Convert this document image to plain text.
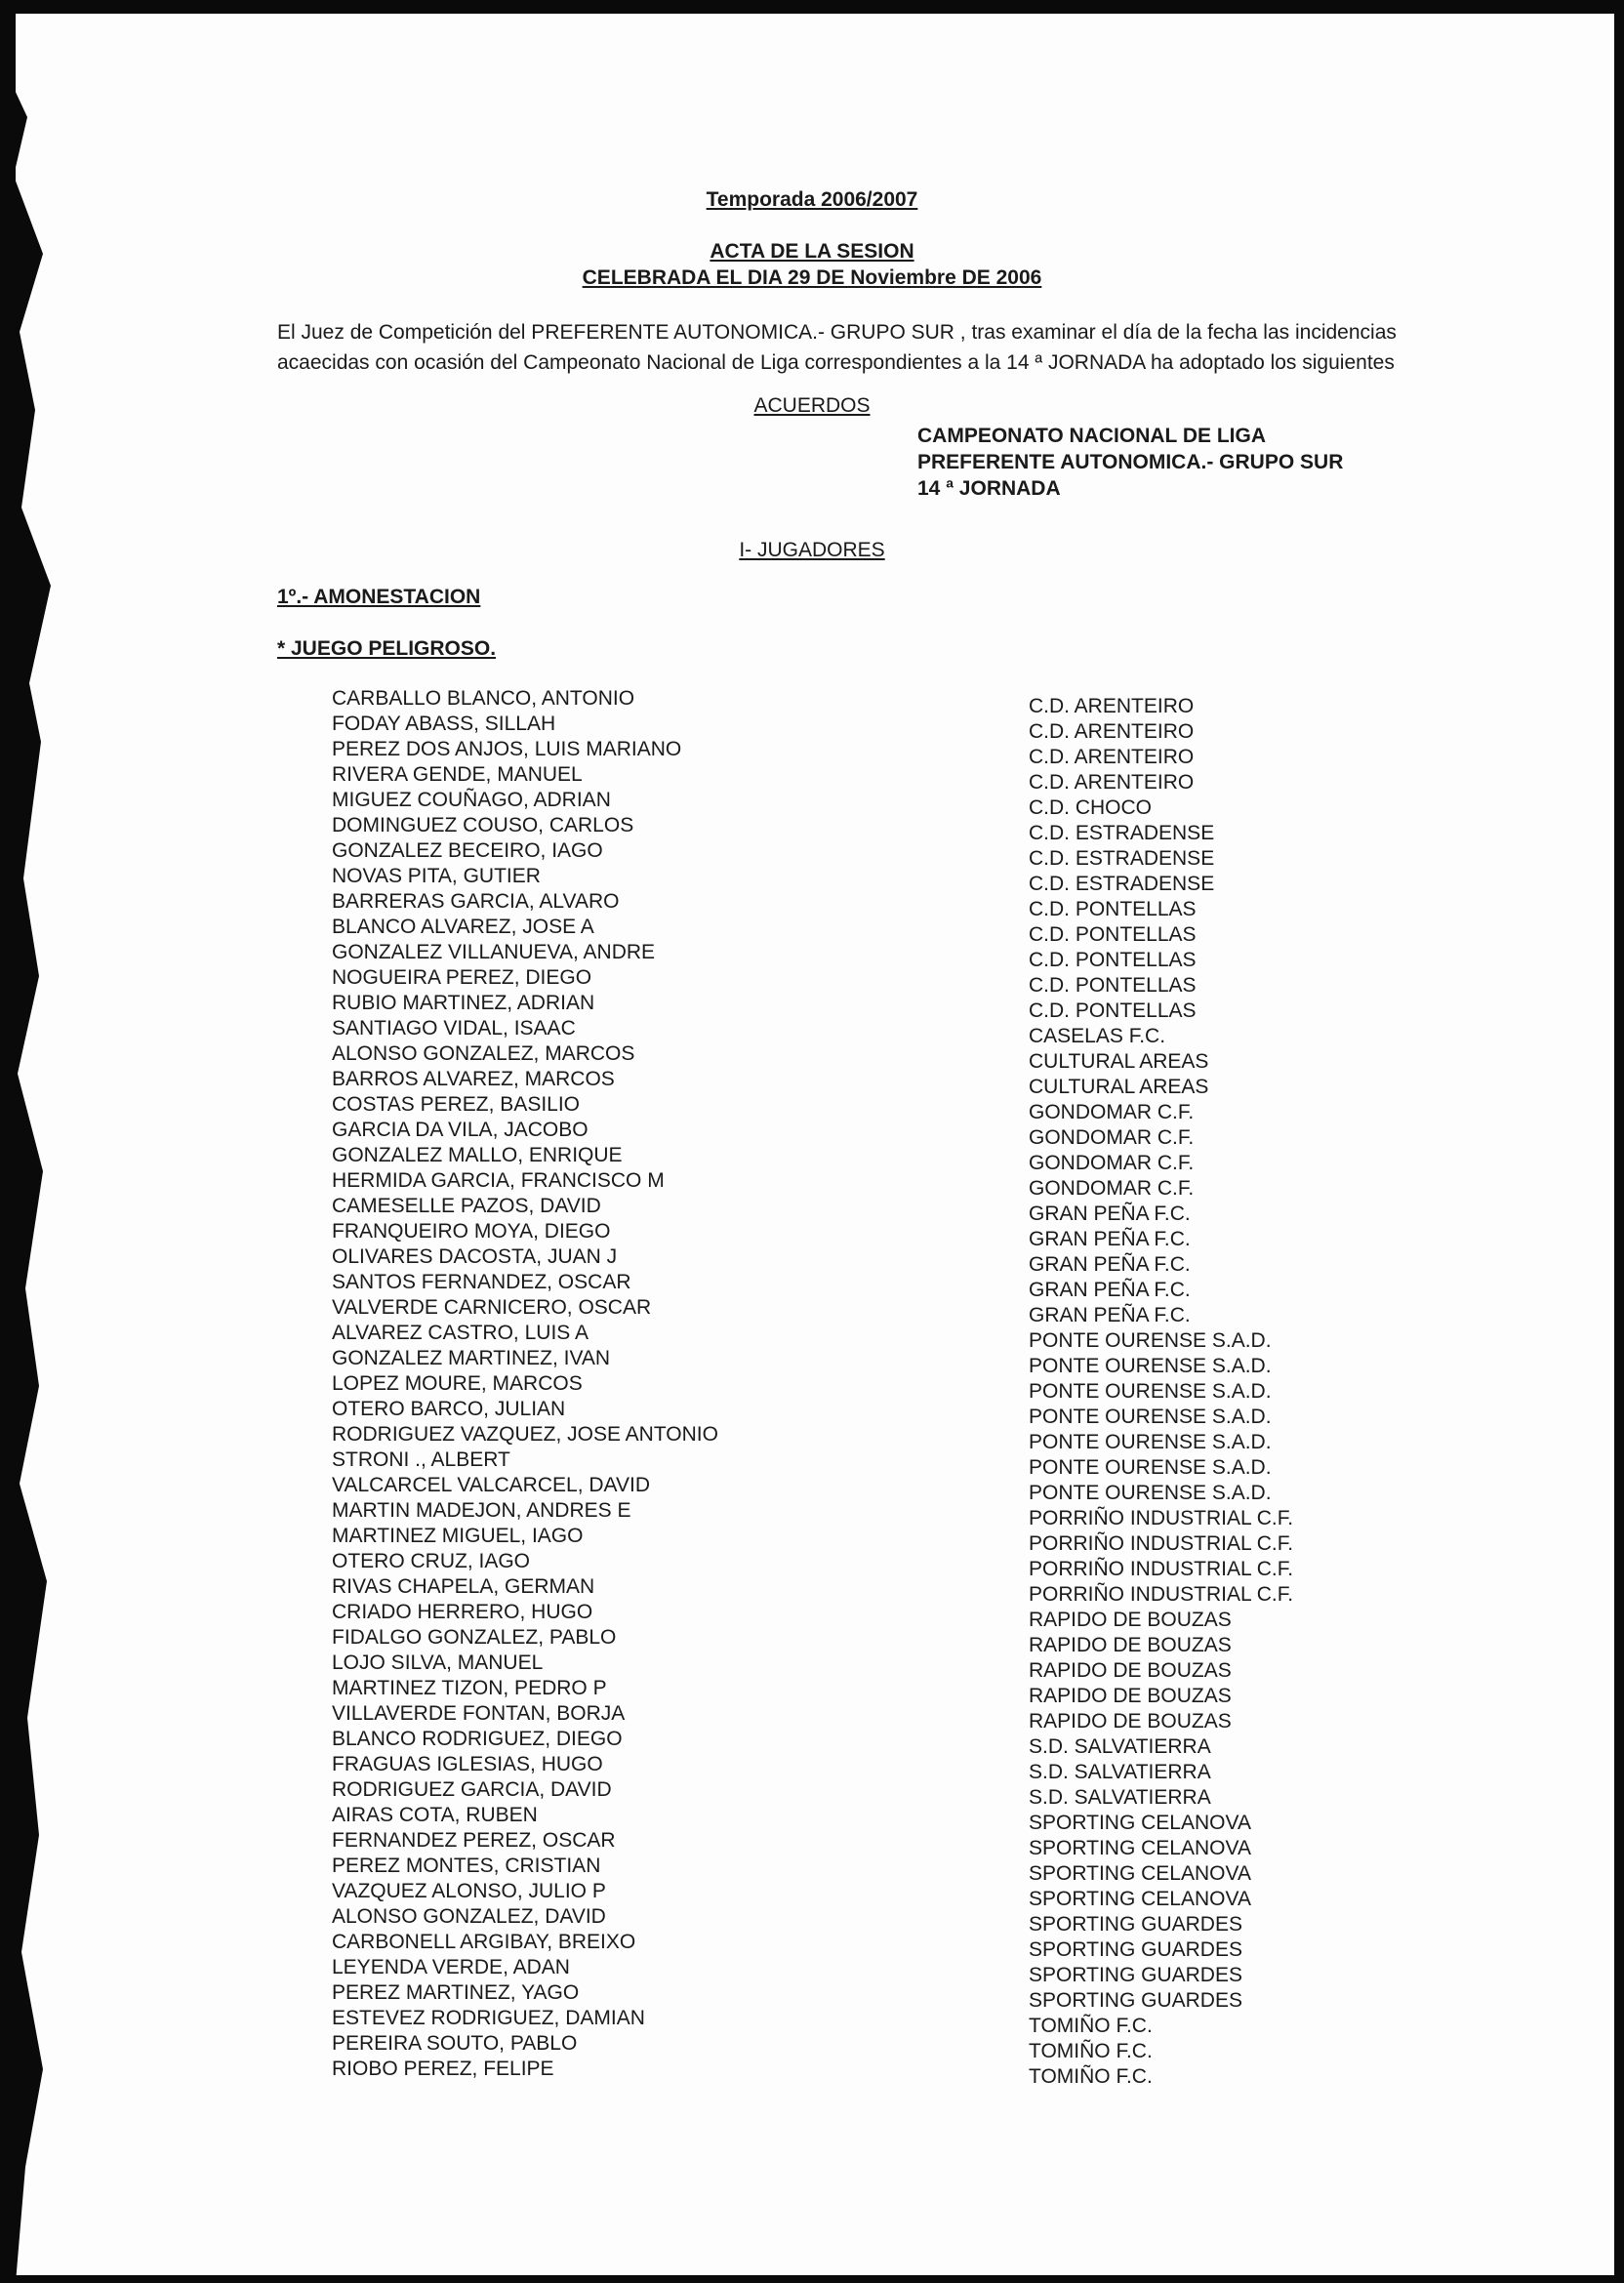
Temporada 2006/2007
ACTA DE LA SESION
CELEBRADA EL DIA 29 DE Noviembre DE 2006
El Juez de Competición del PREFERENTE AUTONOMICA.- GRUPO SUR , tras examinar el día de la fecha las incidencias acaecidas con ocasión del Campeonato Nacional de Liga correspondientes a la 14 ª JORNADA ha adoptado los siguientes
ACUERDOS
CAMPEONATO NACIONAL DE LIGA
PREFERENTE AUTONOMICA.- GRUPO SUR
14 ª JORNADA
I- JUGADORES
1º.- AMONESTACION
* JUEGO PELIGROSO.
CARBALLO BLANCO, ANTONIO
FODAY ABASS, SILLAH
PEREZ DOS ANJOS, LUIS MARIANO
RIVERA GENDE, MANUEL
MIGUEZ COUÑAGO, ADRIAN
DOMINGUEZ COUSO, CARLOS
GONZALEZ BECEIRO, IAGO
NOVAS PITA, GUTIER
BARRERAS GARCIA, ALVARO
BLANCO ALVAREZ, JOSE A
GONZALEZ VILLANUEVA, ANDRE
NOGUEIRA PEREZ, DIEGO
RUBIO MARTINEZ, ADRIAN
SANTIAGO VIDAL, ISAAC
ALONSO GONZALEZ, MARCOS
BARROS ALVAREZ, MARCOS
COSTAS PEREZ, BASILIO
GARCIA DA VILA, JACOBO
GONZALEZ MALLO, ENRIQUE
HERMIDA GARCIA, FRANCISCO M
CAMESELLE PAZOS, DAVID
FRANQUEIRO MOYA, DIEGO
OLIVARES DACOSTA, JUAN J
SANTOS FERNANDEZ, OSCAR
VALVERDE CARNICERO, OSCAR
ALVAREZ CASTRO, LUIS A
GONZALEZ MARTINEZ, IVAN
LOPEZ MOURE, MARCOS
OTERO BARCO, JULIAN
RODRIGUEZ VAZQUEZ, JOSE ANTONIO
STRONI ., ALBERT
VALCARCEL VALCARCEL, DAVID
MARTIN MADEJON, ANDRES E
MARTINEZ MIGUEL, IAGO
OTERO CRUZ, IAGO
RIVAS CHAPELA, GERMAN
CRIADO HERRERO, HUGO
FIDALGO GONZALEZ, PABLO
LOJO SILVA, MANUEL
MARTINEZ TIZON, PEDRO P
VILLAVERDE FONTAN, BORJA
BLANCO RODRIGUEZ, DIEGO
FRAGUAS IGLESIAS, HUGO
RODRIGUEZ GARCIA, DAVID
AIRAS COTA, RUBEN
FERNANDEZ PEREZ, OSCAR
PEREZ MONTES, CRISTIAN
VAZQUEZ ALONSO, JULIO P
ALONSO GONZALEZ, DAVID
CARBONELL ARGIBAY, BREIXO
LEYENDA VERDE, ADAN
PEREZ MARTINEZ, YAGO
ESTEVEZ RODRIGUEZ, DAMIAN
PEREIRA SOUTO, PABLO
RIOBO PEREZ, FELIPE
C.D. ARENTEIRO
C.D. ARENTEIRO
C.D. ARENTEIRO
C.D. ARENTEIRO
C.D. CHOCO
C.D. ESTRADENSE
C.D. ESTRADENSE
C.D. ESTRADENSE
C.D. PONTELLAS
C.D. PONTELLAS
C.D. PONTELLAS
C.D. PONTELLAS
C.D. PONTELLAS
CASELAS F.C.
CULTURAL AREAS
CULTURAL AREAS
GONDOMAR C.F.
GONDOMAR C.F.
GONDOMAR C.F.
GONDOMAR C.F.
GRAN PEÑA F.C.
GRAN PEÑA F.C.
GRAN PEÑA F.C.
GRAN PEÑA F.C.
GRAN PEÑA F.C.
PONTE OURENSE S.A.D.
PONTE OURENSE S.A.D.
PONTE OURENSE S.A.D.
PONTE OURENSE S.A.D.
PONTE OURENSE S.A.D.
PONTE OURENSE S.A.D.
PONTE OURENSE S.A.D.
PORRIÑO INDUSTRIAL C.F.
PORRIÑO INDUSTRIAL C.F.
PORRIÑO INDUSTRIAL C.F.
PORRIÑO INDUSTRIAL C.F.
RAPIDO DE BOUZAS
RAPIDO DE BOUZAS
RAPIDO DE BOUZAS
RAPIDO DE BOUZAS
RAPIDO DE BOUZAS
S.D. SALVATIERRA
S.D. SALVATIERRA
S.D. SALVATIERRA
SPORTING CELANOVA
SPORTING CELANOVA
SPORTING CELANOVA
SPORTING CELANOVA
SPORTING GUARDES
SPORTING GUARDES
SPORTING GUARDES
SPORTING GUARDES
TOMIÑO F.C.
TOMIÑO F.C.
TOMIÑO F.C.
